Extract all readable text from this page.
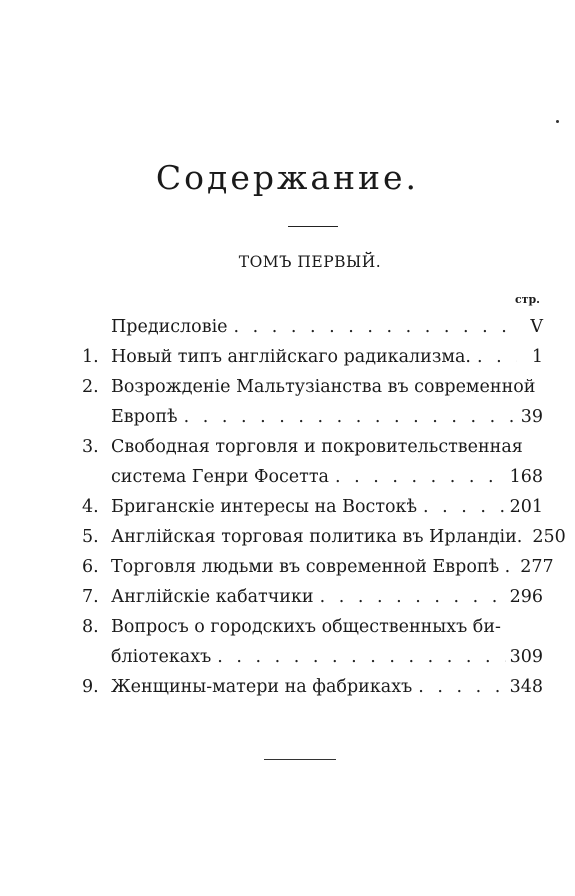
Содержание.
ТОМЪ ПЕРВЫЙ.
стр.
Предисловіе . . .	V
1. Новый типъ англійскаго радикализма. . . .	1
2. Возрожденіе Мальтузіанства въ современной
Европѣ . . .	39
3. Свободная торговля и покровительственная
система Генри Фосетта . . .	168
4. Бриганскіе интересы на Востокѣ . . .	201
5. Англійская торговая политика въ Ирландіи. 250
6. Торговля людьми въ современной Европѣ . 277
7. Англійскіе кабатчики . . .	296
8. Вопросъ о городскихъ общественныхъ би-
бліотекахъ . . .	309
9. Женщины-матери на фабрикахъ . . .	348
